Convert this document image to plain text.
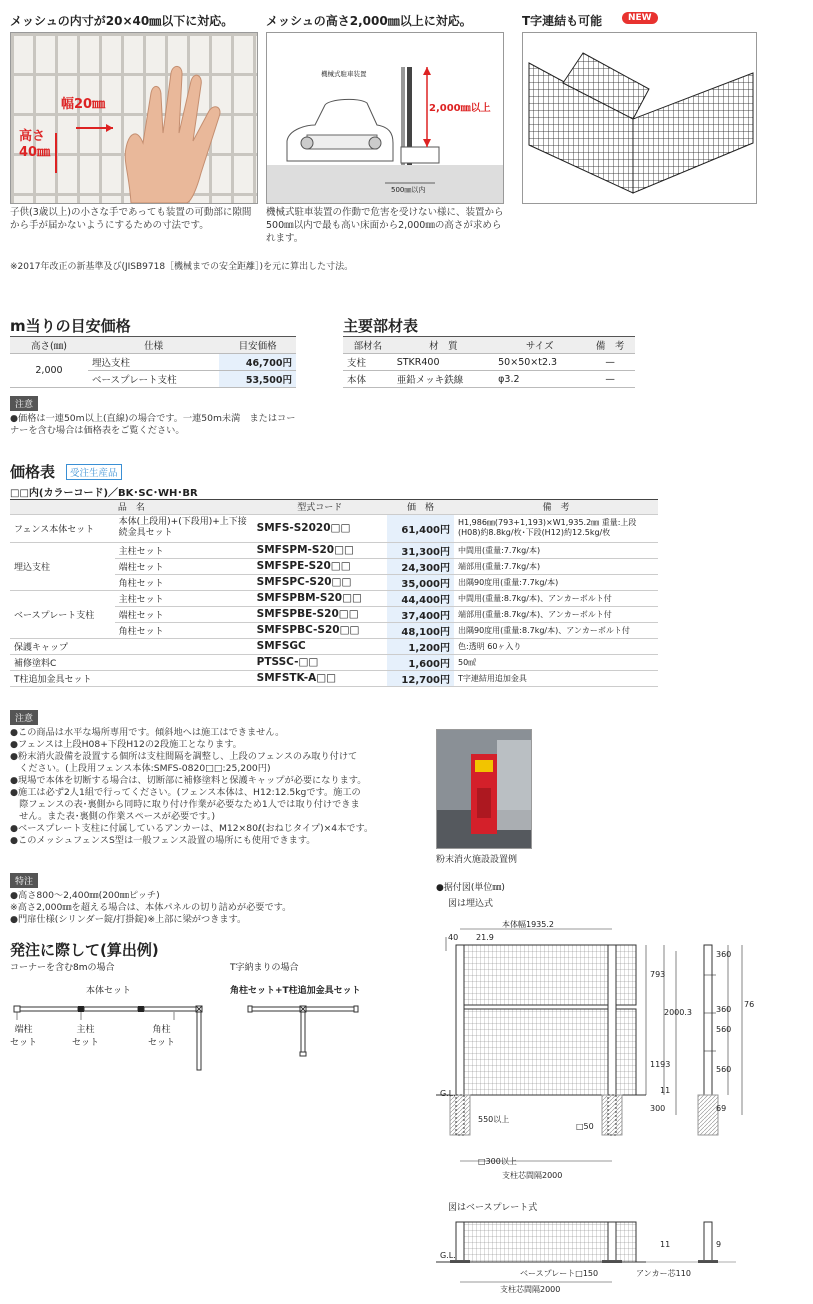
メッシュの内寸が20×40㎜以下に対応。
幅20㎜
高さ
40㎜
子供(3歳以上)の小さな手であっても装置の可動部に隙間から手が届かないようにするための寸法です。
メッシュの高さ2,000㎜以上に対応。
機械式駐車装置
2,000㎜以上
500㎜以内
機械式駐車装置の作動で危害を受けない様に、装置から500㎜以内で最も高い床面から2,000㎜の高さが求められます。
T字連結も可能	NEW
※2017年改正の新基準及び(JISB9718［機械までの安全距離］)を元に算出した寸法。
m当りの目安価格
高さ(㎜)	仕様	目安価格
2,000	埋込支柱	46,700円
	ベースプレート支柱	53,500円
主要部材表
部材名	材　質	サイズ	備　考
支柱	STKR400	50×50×t2.3	—
本体	亜鉛メッキ鉄線	φ3.2	—
注意
●価格は一連50m以上(直線)の場合です。一連50m未満　またはコーナーを含む場合は価格表をご覧ください。
価格表	受注生産品
□□内(カラーコード)／BK･SC･WH･BR
品　名		型式コード	価　格	備　考
フェンス本体セット	本体(上段用)+(下段用)+上下接続金具セット	SMFS-S2020□□	61,400円	H1,986㎜(793+1,193)×W1,935.2㎜ 重量:上段(H08)約8.8kg/枚･下段(H12)約12.5kg/枚
埋込支柱	主柱セット	SMFSPM-S20□□	31,300円	中間用(重量:7.7kg/本)
	端柱セット	SMFSPE-S20□□	24,300円	端部用(重量:7.7kg/本)
	角柱セット	SMFSPC-S20□□	35,000円	出隅90度用(重量:7.7kg/本)
ベースプレート支柱	主柱セット	SMFSPBM-S20□□	44,400円	中間用(重量:8.7kg/本)、アンカーボルト付
	端柱セット	SMFSPBE-S20□□	37,400円	端部用(重量:8.7kg/本)、アンカーボルト付
	角柱セット	SMFSPBC-S20□□	48,100円	出隅90度用(重量:8.7kg/本)、アンカーボルト付
保護キャップ		SMFSGC	1,200円	色:透明 60ヶ入り
補修塗料C		PTSSC-□□	1,600円	50㎖
T柱追加金具セット		SMFSTK-A□□	12,700円	T字連結用追加金具
注意
●この商品は水平な場所専用です。傾斜地へは施工はできません。
●フェンスは上段H08+下段H12の2段施工となります。
●粉末消火設備を設置する個所は支柱間隔を調整し、上段のフェンスのみ取り付けて
　ください。(上段用フェンス本体:SMFS-0820□□:25,200円)
●現場で本体を切断する場合は、切断部に補修塗料と保護キャップが必要になります。
●施工は必ず2人1組で行ってください。(フェンス本体は、H12:12.5kgです。施工の
　際フェンスの表･裏側から同時に取り付け作業が必要なため1人では取り付けできま
　せん。また表･裏側の作業スペースが必要です。)
●ベースプレート支柱に付属しているアンカーは、M12×80ℓ(おねじタイプ)×4本です。
●このメッシュフェンスS型は一般フェンス設置の場所にも使用できます。
粉末消火施設設置例
特注
●高さ800～2,400㎜(200㎜ピッチ)
※高さ2,000㎜を超える場合は、本体パネルの切り詰めが必要です。
●門扉仕様(シリンダー錠/打掛錠)※上部に梁がつきます。
発注に際して(算出例)
コーナーを含む8mの場合	T字納まりの場合
本体セット
端柱
セット
主柱
セット
角柱
セット
角柱セット+T柱追加金具セット
●据付図(単位㎜)
図は埋込式
本体幅1935.2
40 21.9
793
1193
2000.3
11
300
360
360
560
560
76
69
G.L.
550以上
□50
□300以上
支柱芯間隔2000
図はベースプレート式
G.L.
11	9
ベースプレート□150	アンカー芯110
支柱芯間隔2000
